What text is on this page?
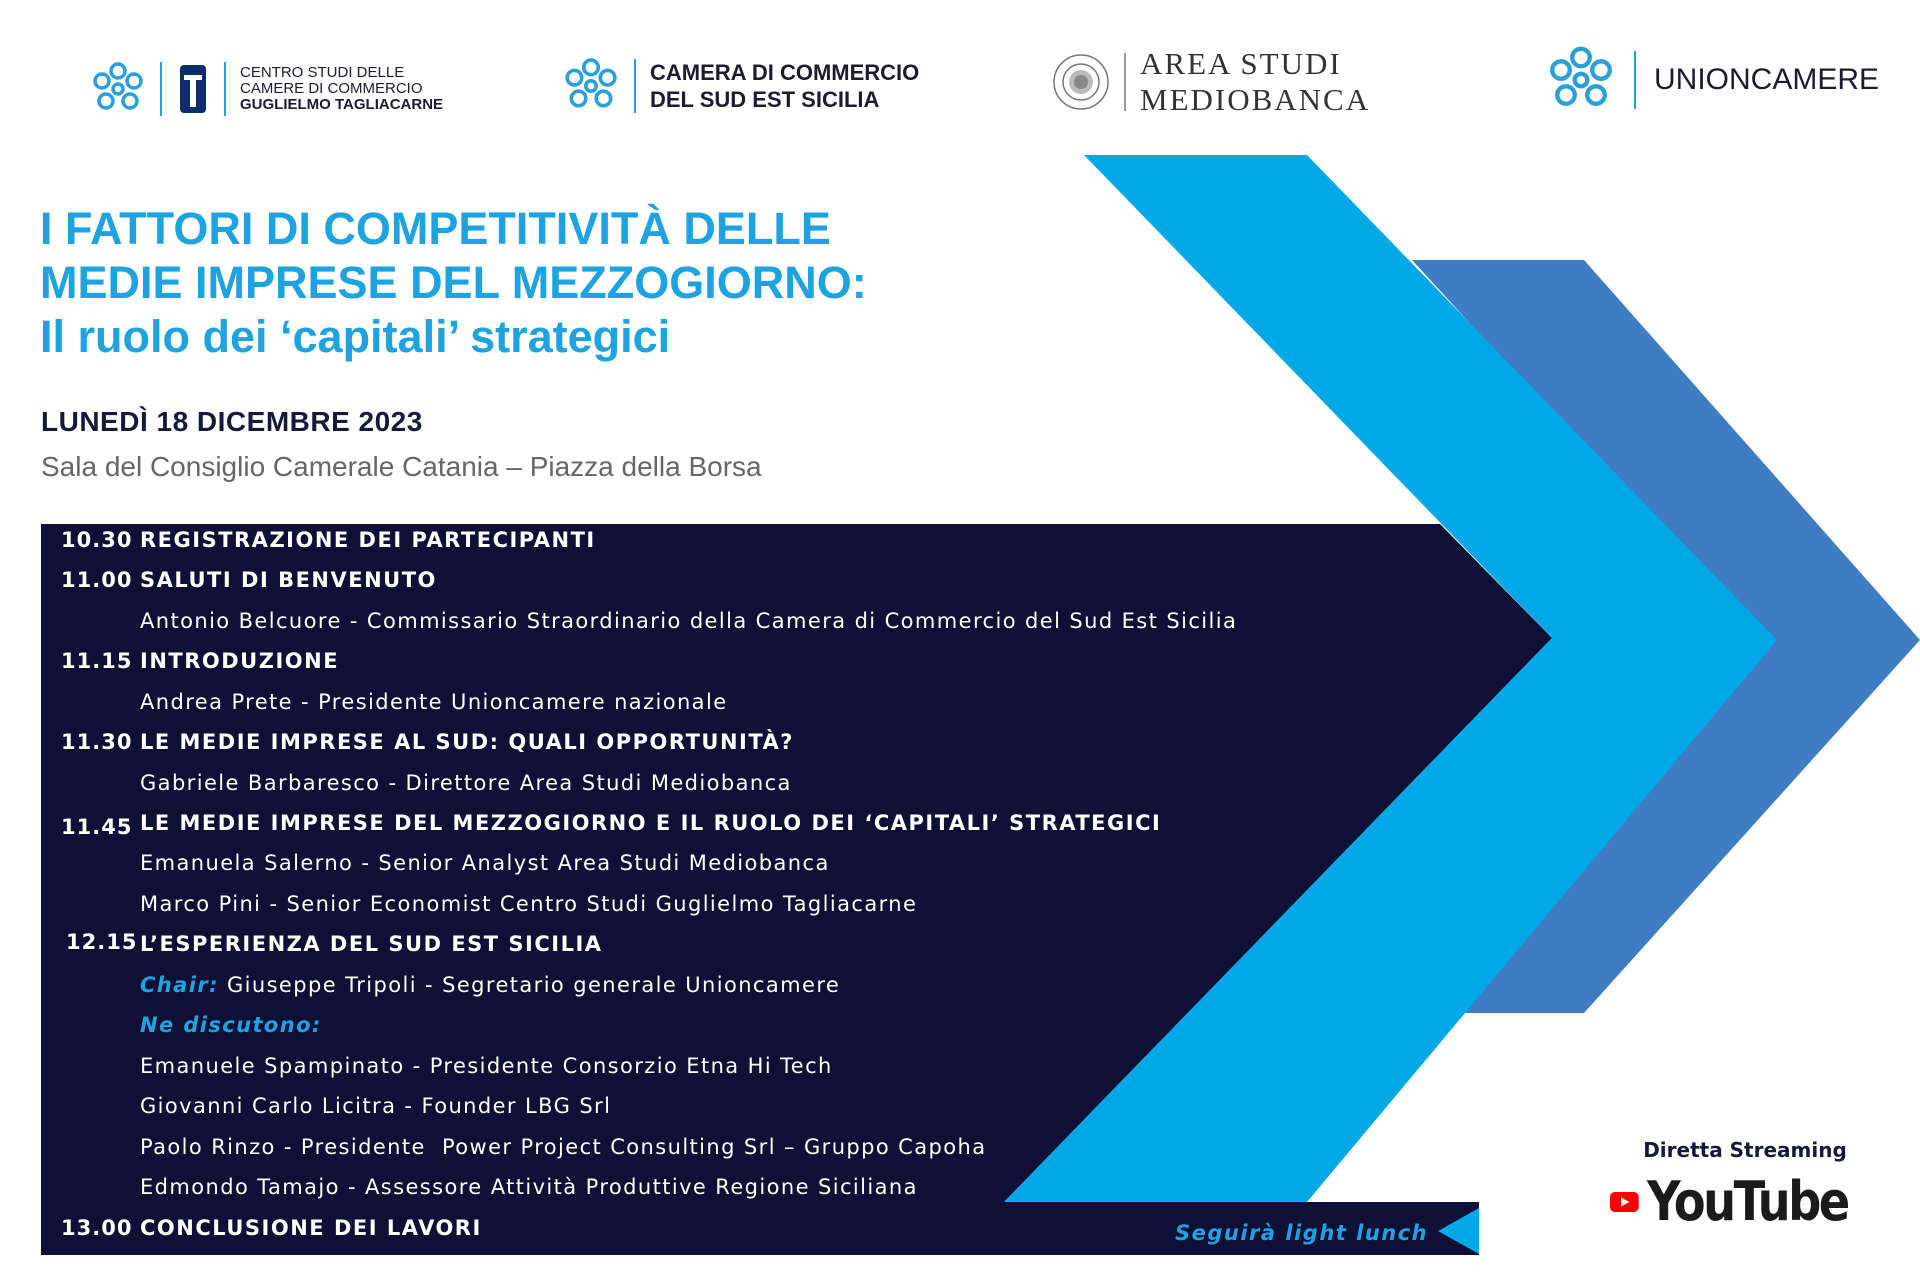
CENTRO STUDI DELLE
CAMERE DI COMMERCIO
GUGLIELMO TAGLIACARNE
CAMERA DI COMMERCIO
DEL SUD EST SICILIA
AREA STUDI
MEDIOBANCA
UNIONCAMERE
I FATTORI DI COMPETITIVITÀ DELLE
MEDIE IMPRESE DEL MEZZOGIORNO:
Il ruolo dei ‘capitali’ strategici
LUNEDÌ 18 DICEMBRE 2023
Sala del Consiglio Camerale Catania – Piazza della Borsa
10.30 REGISTRAZIONE DEI PARTECIPANTI
11.00 SALUTI DI BENVENUTO
Antonio Belcuore - Commissario Straordinario della Camera di Commercio del Sud Est Sicilia
11.15 INTRODUZIONE
Andrea Prete - Presidente Unioncamere nazionale
11.30 LE MEDIE IMPRESE AL SUD: QUALI OPPORTUNITÀ?
Gabriele Barbaresco - Direttore Area Studi Mediobanca
11.45 LE MEDIE IMPRESE DEL MEZZOGIORNO E IL RUOLO DEI ‘CAPITALI’ STRATEGICI
Emanuela Salerno - Senior Analyst Area Studi Mediobanca
Marco Pini - Senior Economist Centro Studi Guglielmo Tagliacarne
12.15 L’ESPERIENZA DEL SUD EST SICILIA
Chair: Giuseppe Tripoli - Segretario generale Unioncamere
Ne discutono:
Emanuele Spampinato - Presidente Consorzio Etna Hi Tech
Giovanni Carlo Licitra - Founder LBG Srl
Paolo Rinzo - Presidente  Power Project Consulting Srl – Gruppo Capoha
Edmondo Tamajo - Assessore Attività Produttive Regione Siciliana
13.00 CONCLUSIONE DEI LAVORI	Seguirà light lunch
Diretta Streaming
YouTube
